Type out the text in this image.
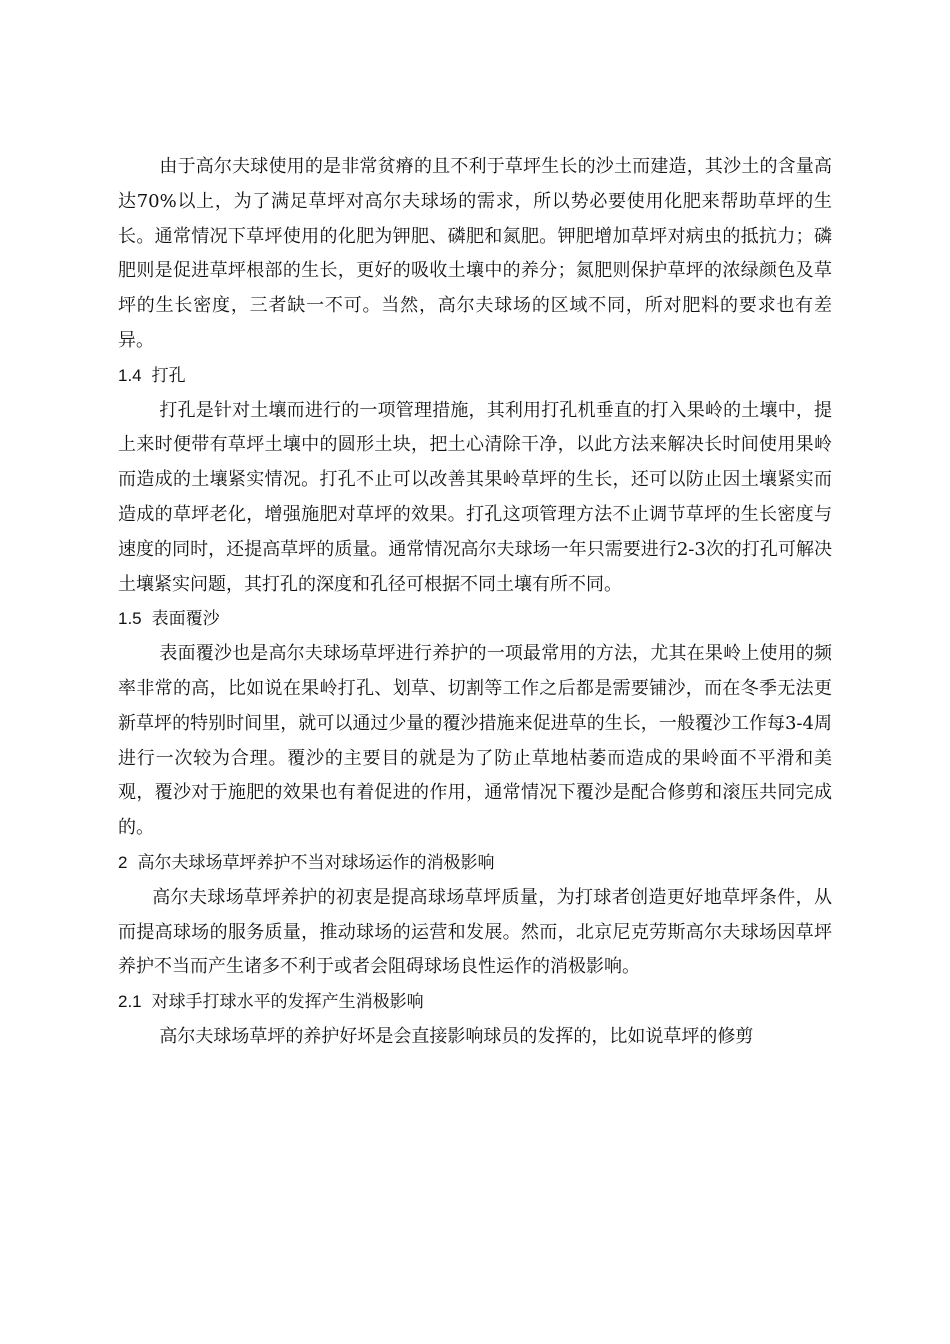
由于高尔夫球使用的是非常贫瘠的且不利于草坪生长的沙土而建造，其沙土的含量高达70%以上，为了满足草坪对高尔夫球场的需求，所以势必要使用化肥来帮助草坪的生长。通常情况下草坪使用的化肥为钾肥、磷肥和氮肥。钾肥增加草坪对病虫的抵抗力；磷肥则是促进草坪根部的生长，更好的吸收土壤中的养分；氮肥则保护草坪的浓绿颜色及草坪的生长密度，三者缺一不可。当然，高尔夫球场的区域不同，所对肥料的要求也有差异。

1.4 打孔

打孔是针对土壤而进行的一项管理措施，其利用打孔机垂直的打入果岭的土壤中，提上来时便带有草坪土壤中的圆形土块，把土心清除干净，以此方法来解决长时间使用果岭而造成的土壤紧实情况。打孔不止可以改善其果岭草坪的生长，还可以防止因土壤紧实而造成的草坪老化，增强施肥对草坪的效果。打孔这项管理方法不止调节草坪的生长密度与速度的同时，还提高草坪的质量。通常情况高尔夫球场一年只需要进行2-3次的打孔可解决土壤紧实问题，其打孔的深度和孔径可根据不同土壤有所不同。

1.5 表面覆沙

表面覆沙也是高尔夫球场草坪进行养护的一项最常用的方法，尤其在果岭上使用的频率非常的高，比如说在果岭打孔、划草、切割等工作之后都是需要铺沙，而在冬季无法更新草坪的特别时间里，就可以通过少量的覆沙措施来促进草的生长，一般覆沙工作每3-4周进行一次较为合理。覆沙的主要目的就是为了防止草地枯萎而造成的果岭面不平滑和美观，覆沙对于施肥的效果也有着促进的作用，通常情况下覆沙是配合修剪和滚压共同完成的。

2 高尔夫球场草坪养护不当对球场运作的消极影响

高尔夫球场草坪养护的初衷是提高球场草坪质量，为打球者创造更好地草坪条件，从而提高球场的服务质量，推动球场的运营和发展。然而，北京尼克劳斯高尔夫球场因草坪养护不当而产生诸多不利于或者会阻碍球场良性运作的消极影响。

2.1 对球手打球水平的发挥产生消极影响

高尔夫球场草坪的养护好坏是会直接影响球员的发挥的，比如说草坪的修剪
